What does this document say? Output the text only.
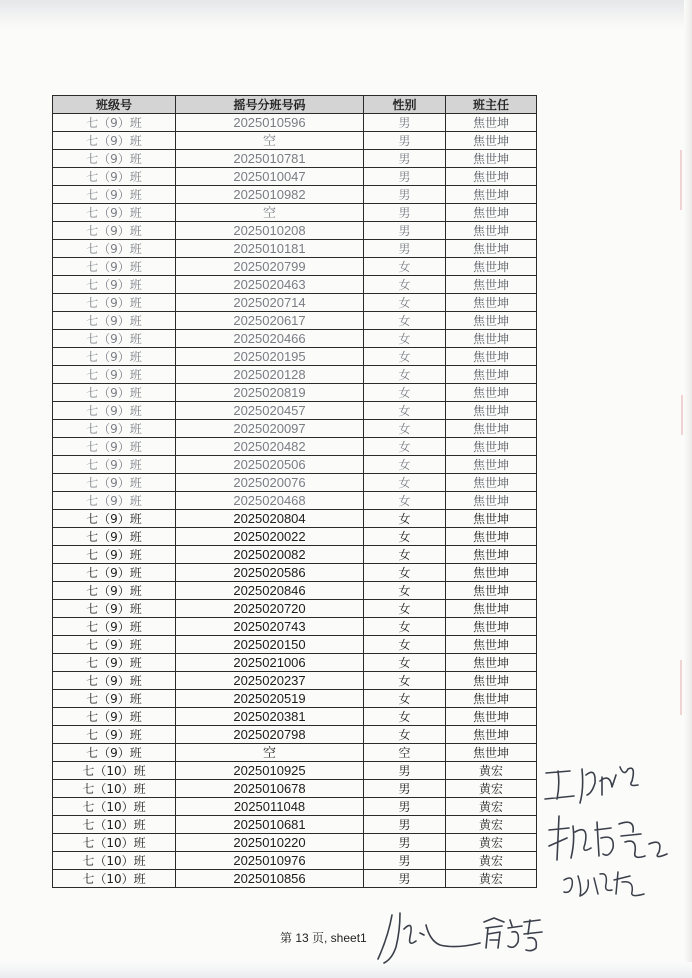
班级号	摇号分班号码	性别	班主任
七（9）班	2025010596	男	焦世坤
七（9）班	空	男	焦世坤
七（9）班	2025010781	男	焦世坤
七（9）班	2025010047	男	焦世坤
七（9）班	2025010982	男	焦世坤
七（9）班	空	男	焦世坤
七（9）班	2025010208	男	焦世坤
七（9）班	2025010181	男	焦世坤
七（9）班	2025020799	女	焦世坤
七（9）班	2025020463	女	焦世坤
七（9）班	2025020714	女	焦世坤
七（9）班	2025020617	女	焦世坤
七（9）班	2025020466	女	焦世坤
七（9）班	2025020195	女	焦世坤
七（9）班	2025020128	女	焦世坤
七（9）班	2025020819	女	焦世坤
七（9）班	2025020457	女	焦世坤
七（9）班	2025020097	女	焦世坤
七（9）班	2025020482	女	焦世坤
七（9）班	2025020506	女	焦世坤
七（9）班	2025020076	女	焦世坤
七（9）班	2025020468	女	焦世坤
七（9）班	2025020804	女	焦世坤
七（9）班	2025020022	女	焦世坤
七（9）班	2025020082	女	焦世坤
七（9）班	2025020586	女	焦世坤
七（9）班	2025020846	女	焦世坤
七（9）班	2025020720	女	焦世坤
七（9）班	2025020743	女	焦世坤
七（9）班	2025020150	女	焦世坤
七（9）班	2025021006	女	焦世坤
七（9）班	2025020237	女	焦世坤
七（9）班	2025020519	女	焦世坤
七（9）班	2025020381	女	焦世坤
七（9）班	2025020798	女	焦世坤
七（9）班	空	空	焦世坤
七（10）班	2025010925	男	黄宏
七（10）班	2025010678	男	黄宏
七（10）班	2025011048	男	黄宏
七（10）班	2025010681	男	黄宏
七（10）班	2025010220	男	黄宏
七（10）班	2025010976	男	黄宏
七（10）班	2025010856	男	黄宏
第 13 页, sheet1
